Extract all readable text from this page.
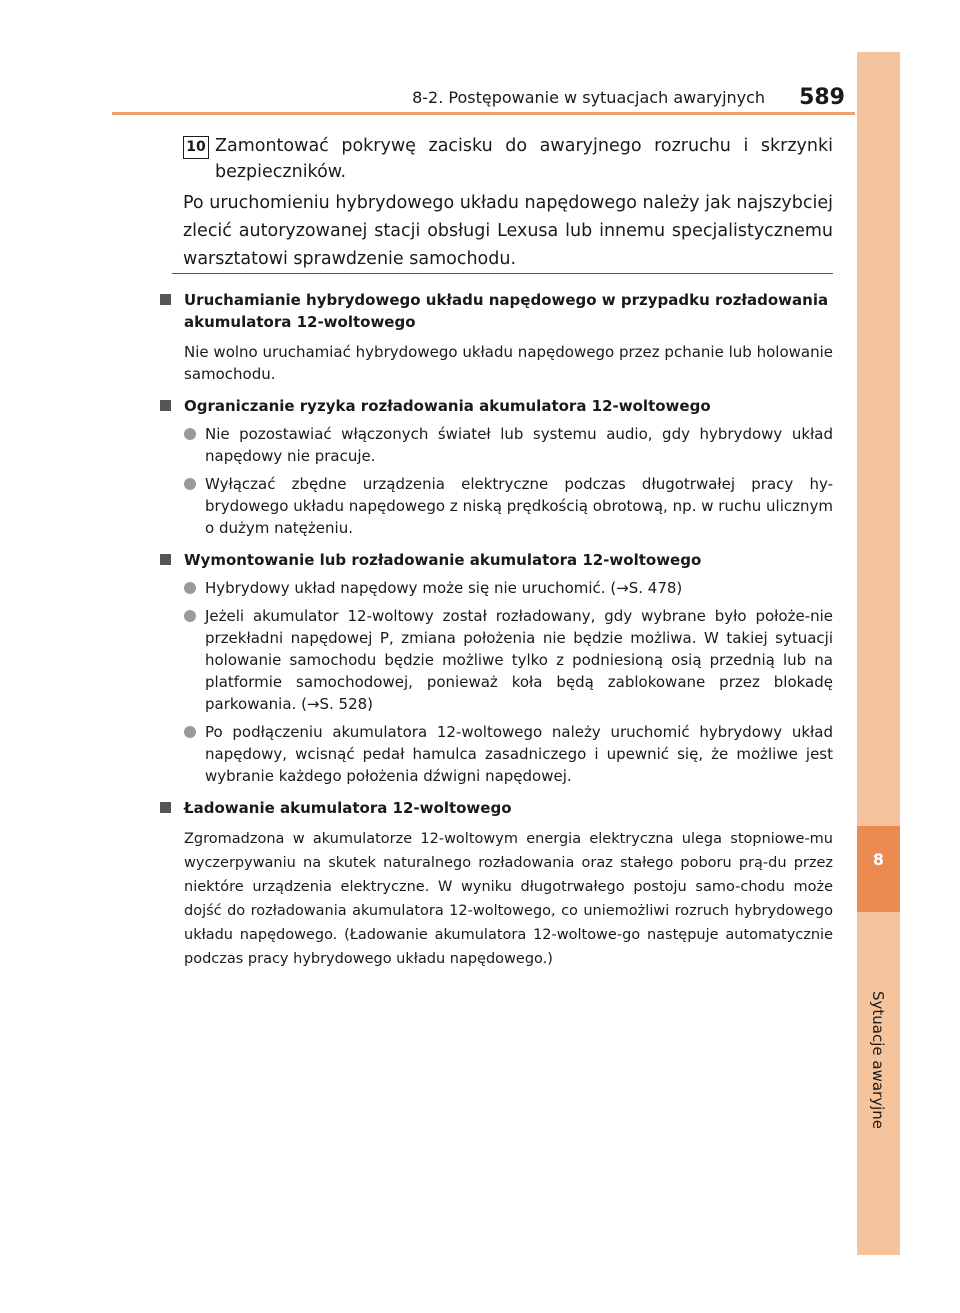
8
Sytuacje awaryjne
8-2. Postępowanie w sytuacjach awaryjnych 589
10 Zamontować pokrywę zacisku do awaryjnego rozruchu i skrzynki bezpieczników.
Po uruchomieniu hybrydowego układu napędowego należy jak najszybciej zlecić autoryzowanej stacji obsługi Lexusa lub innemu specjalistycznemu warsztatowi sprawdzenie samochodu.
Uruchamianie hybrydowego układu napędowego w przypadku rozładowania akumulatora 12-woltowego
Nie wolno uruchamiać hybrydowego układu napędowego przez pchanie lub holowanie samochodu.
Ograniczanie ryzyka rozładowania akumulatora 12-woltowego
Nie pozostawiać włączonych świateł lub systemu audio, gdy hybrydowy układ napędowy nie pracuje.
Wyłączać zbędne urządzenia elektryczne podczas długotrwałej pracy hy-brydowego układu napędowego z niską prędkością obrotową, np. w ruchu ulicznym o dużym natężeniu.
Wymontowanie lub rozładowanie akumulatora 12-woltowego
Hybrydowy układ napędowy może się nie uruchomić. (→S. 478)
Jeżeli akumulator 12-woltowy został rozładowany, gdy wybrane było położe-nie przekładni napędowej P, zmiana położenia nie będzie możliwa. W takiej sytuacji holowanie samochodu będzie możliwe tylko z podniesioną osią przednią lub na platformie samochodowej, ponieważ koła będą zablokowane przez blokadę parkowania. (→S. 528)
Po podłączeniu akumulatora 12-woltowego należy uruchomić hybrydowy układ napędowy, wcisnąć pedał hamulca zasadniczego i upewnić się, że możliwe jest wybranie każdego położenia dźwigni napędowej.
Ładowanie akumulatora 12-woltowego
Zgromadzona w akumulatorze 12-woltowym energia elektryczna ulega stopniowe-mu wyczerpywaniu na skutek naturalnego rozładowania oraz stałego poboru prą-du przez niektóre urządzenia elektryczne. W wyniku długotrwałego postoju samo-chodu może dojść do rozładowania akumulatora 12-woltowego, co uniemożliwi rozruch hybrydowego układu napędowego. (Ładowanie akumulatora 12-woltowe-go następuje automatycznie podczas pracy hybrydowego układu napędowego.)
